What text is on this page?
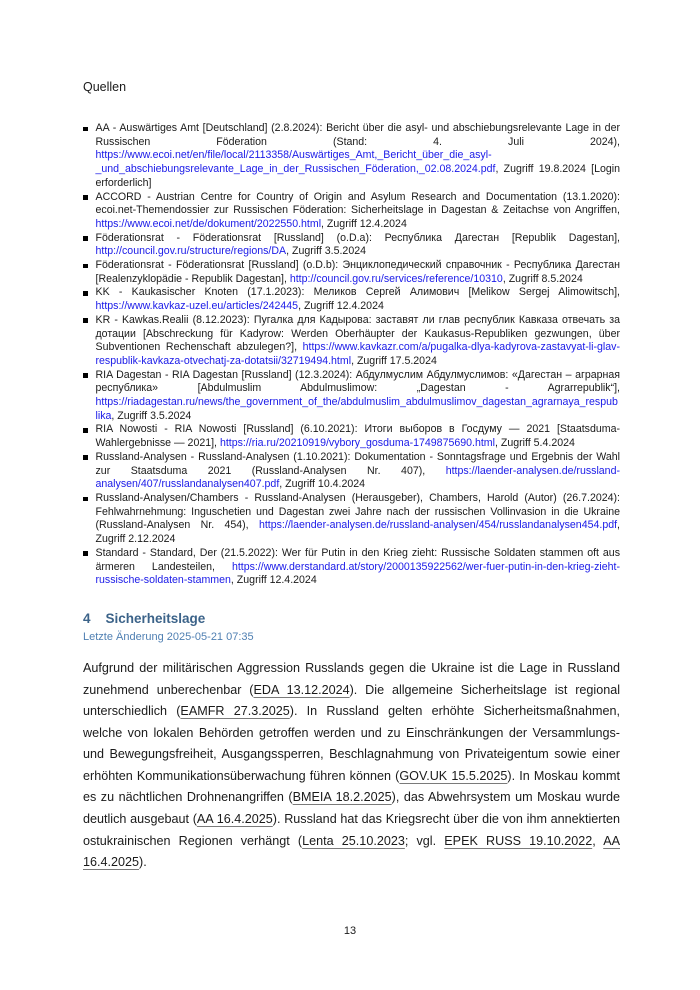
Quellen
AA - Auswärtiges Amt [Deutschland] (2.8.2024): Bericht über die asyl- und abschiebungsrelevante Lage in der Russischen Föderation (Stand: 4. Juli 2024), https://www.ecoi.net/en/file/local/2113358/Auswärtiges_Amt,_Bericht_über_die_asyl-_und_abschiebungsrelevante_Lage_in_der_Russischen_Föderation,_02.08.2024.pdf, Zugriff 19.8.2024 [Login erforderlich]
ACCORD - Austrian Centre for Country of Origin and Asylum Research and Documentation (13.1.2020): ecoi.net-Themendossier zur Russischen Föderation: Sicherheitslage in Dagestan & Zeitachse von Angriffen, https://www.ecoi.net/de/dokument/2022550.html, Zugriff 12.4.2024
Föderationsrat - Föderationsrat [Russland] (o.D.a): Республика Дагестан [Republik Dagestan], http://council.gov.ru/structure/regions/DA, Zugriff 3.5.2024
Föderationsrat - Föderationsrat [Russland] (o.D.b): Энциклопедический справочник - Республика Дагестан [Realenzyklopädie - Republik Dagestan], http://council.gov.ru/services/reference/10310, Zugriff 8.5.2024
KK - Kaukasischer Knoten (17.1.2023): Меликов Сергей Алимович [Melikow Sergej Alimowitsch], https://www.kavkaz-uzel.eu/articles/242445, Zugriff 12.4.2024
KR - Kawkas.Realii (8.12.2023): Пугалка для Кадырова: заставят ли глав республик Кавказа отвечать за дотации [Abschreckung für Kadyrow: Werden Oberhäupter der Kaukasus-Republiken gezwungen, über Subventionen Rechenschaft abzulegen?], https://www.kavkazr.com/a/pugalka-dlya-kadyrova-zastavyat-li-glav-respublik-kavkaza-otvechatj-za-dotatsii/32719494.html, Zugriff 17.5.2024
RIA Dagestan - RIA Dagestan [Russland] (12.3.2024): Абдулмуслим Абдулмуслимов: «Дагестан – аграрная республика» [Abdulmuslim Abdulmuslimow: „Dagestan - Agrarrepublik“], https://riadagestan.ru/news/the_government_of_the/abdulmuslim_abdulmuslimov_dagestan_agrarnaya_respublika, Zugriff 3.5.2024
RIA Nowosti - RIA Nowosti [Russland] (6.10.2021): Итоги выборов в Госдуму — 2021 [Staatsduma-Wahlergebnisse — 2021], https://ria.ru/20210919/vybory_gosduma-1749875690.html, Zugriff 5.4.2024
Russland-Analysen - Russland-Analysen (1.10.2021): Dokumentation - Sonntagsfrage und Ergebnis der Wahl zur Staatsduma 2021 (Russland-Analysen Nr. 407), https://laender-analysen.de/russland-analysen/407/russlandanalysen407.pdf, Zugriff 10.4.2024
Russland-Analysen/Chambers - Russland-Analysen (Herausgeber), Chambers, Harold (Autor) (26.7.2024): Fehlwahrnehmung: Inguschetien und Dagestan zwei Jahre nach der russischen Vollinvasion in die Ukraine (Russland-Analysen Nr. 454), https://laender-analysen.de/russland-analysen/454/russlandanalysen454.pdf, Zugriff 2.12.2024
Standard - Standard, Der (21.5.2022): Wer für Putin in den Krieg zieht: Russische Soldaten stammen oft aus ärmeren Landesteilen, https://www.derstandard.at/story/2000135922562/wer-fuer-putin-in-den-krieg-zieht-russische-soldaten-stammen, Zugriff 12.4.2024
4 Sicherheitslage
Letzte Änderung 2025-05-21 07:35

Aufgrund der militärischen Aggression Russlands gegen die Ukraine ist die Lage in Russland zunehmend unberechenbar (EDA 13.12.2024). Die allgemeine Sicherheitslage ist regional unterschiedlich (EAMFR 27.3.2025). In Russland gelten erhöhte Sicherheitsmaßnahmen, welche von lokalen Behörden getroffen werden und zu Einschränkungen der Versammlungs- und Bewegungsfreiheit, Ausgangssperren, Beschlagnahmung von Privateigentum sowie einer erhöhten Kommunikationsüberwachung führen können (GOV.UK 15.5.2025). In Moskau kommt es zu nächtlichen Drohnenangriffen (BMEIA 18.2.2025), das Abwehrsystem um Moskau wurde deutlich ausgebaut (AA 16.4.2025). Russland hat das Kriegsrecht über die von ihm annektierten ostukrainischen Regionen verhängt (Lenta 25.10.2023; vgl. EPEK RUSS 19.10.2022, AA 16.4.2025).

13
